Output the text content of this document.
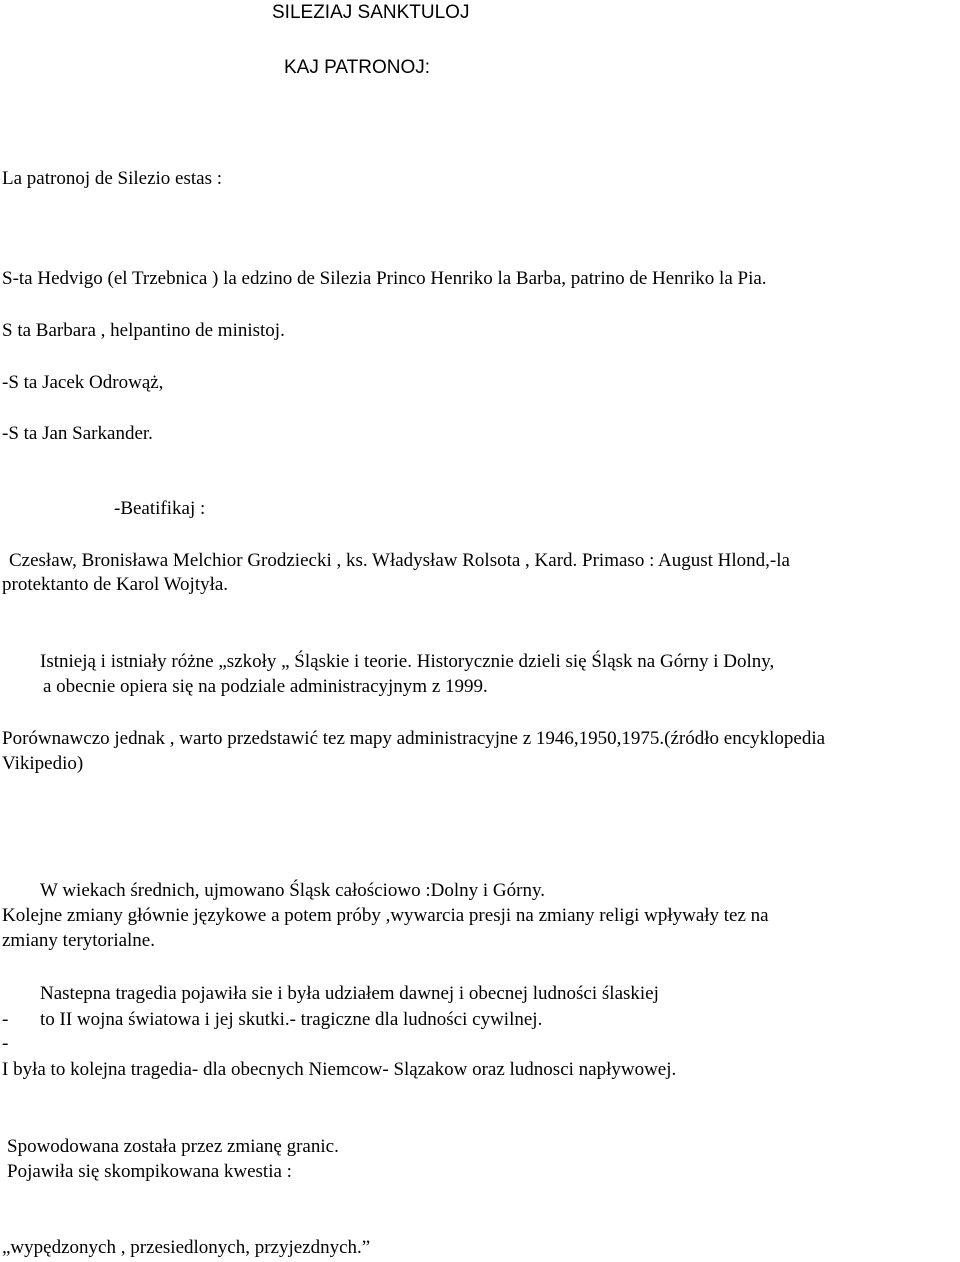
SILEZIAJ SANKTULOJ
KAJ PATRONOJ:
La patronoj de Silezio estas :
S-ta Hedvigo (el Trzebnica ) la edzino de Silezia Princo Henriko la Barba, patrino de Henriko la Pia.
S ta Barbara , helpantino de ministoj.
-S ta Jacek Odrowąż,
-S ta Jan Sarkander.
-Beatifikaj :
Czesław, Bronisława Melchior Grodziecki , ks. Władysław Rolsota , Kard. Primaso : August Hlond,-la
protektanto de Karol Wojtyła.
Istnieją i istniały różne „szkoły „ Śląskie i teorie. Historycznie dzieli się Śląsk na Górny i Dolny,
a obecnie opiera się na podziale administracyjnym z 1999.
Porównawczo jednak , warto przedstawić tez mapy administracyjne z 1946,1950,1975.(źródło encyklopedia
Vikipedio)
W wiekach średnich, ujmowano Śląsk całościowo :Dolny i Górny.
Kolejne zmiany głównie językowe a potem próby ,wywarcia presji na zmiany religi wpływały tez na
zmiany terytorialne.
Nastepna tragedia pojawiła sie i była udziałem dawnej i obecnej ludności ślaskiej
- to II wojna światowa i jej skutki.- tragiczne dla ludności cywilnej.
-
I była to kolejna tragedia- dla obecnych Niemcow- Slązakow oraz ludnosci napływowej.
Spowodowana została przez zmianę granic.
Pojawiła się skompikowana kwestia :
„wypędzonych , przesiedlonych, przyjezdnych.”
